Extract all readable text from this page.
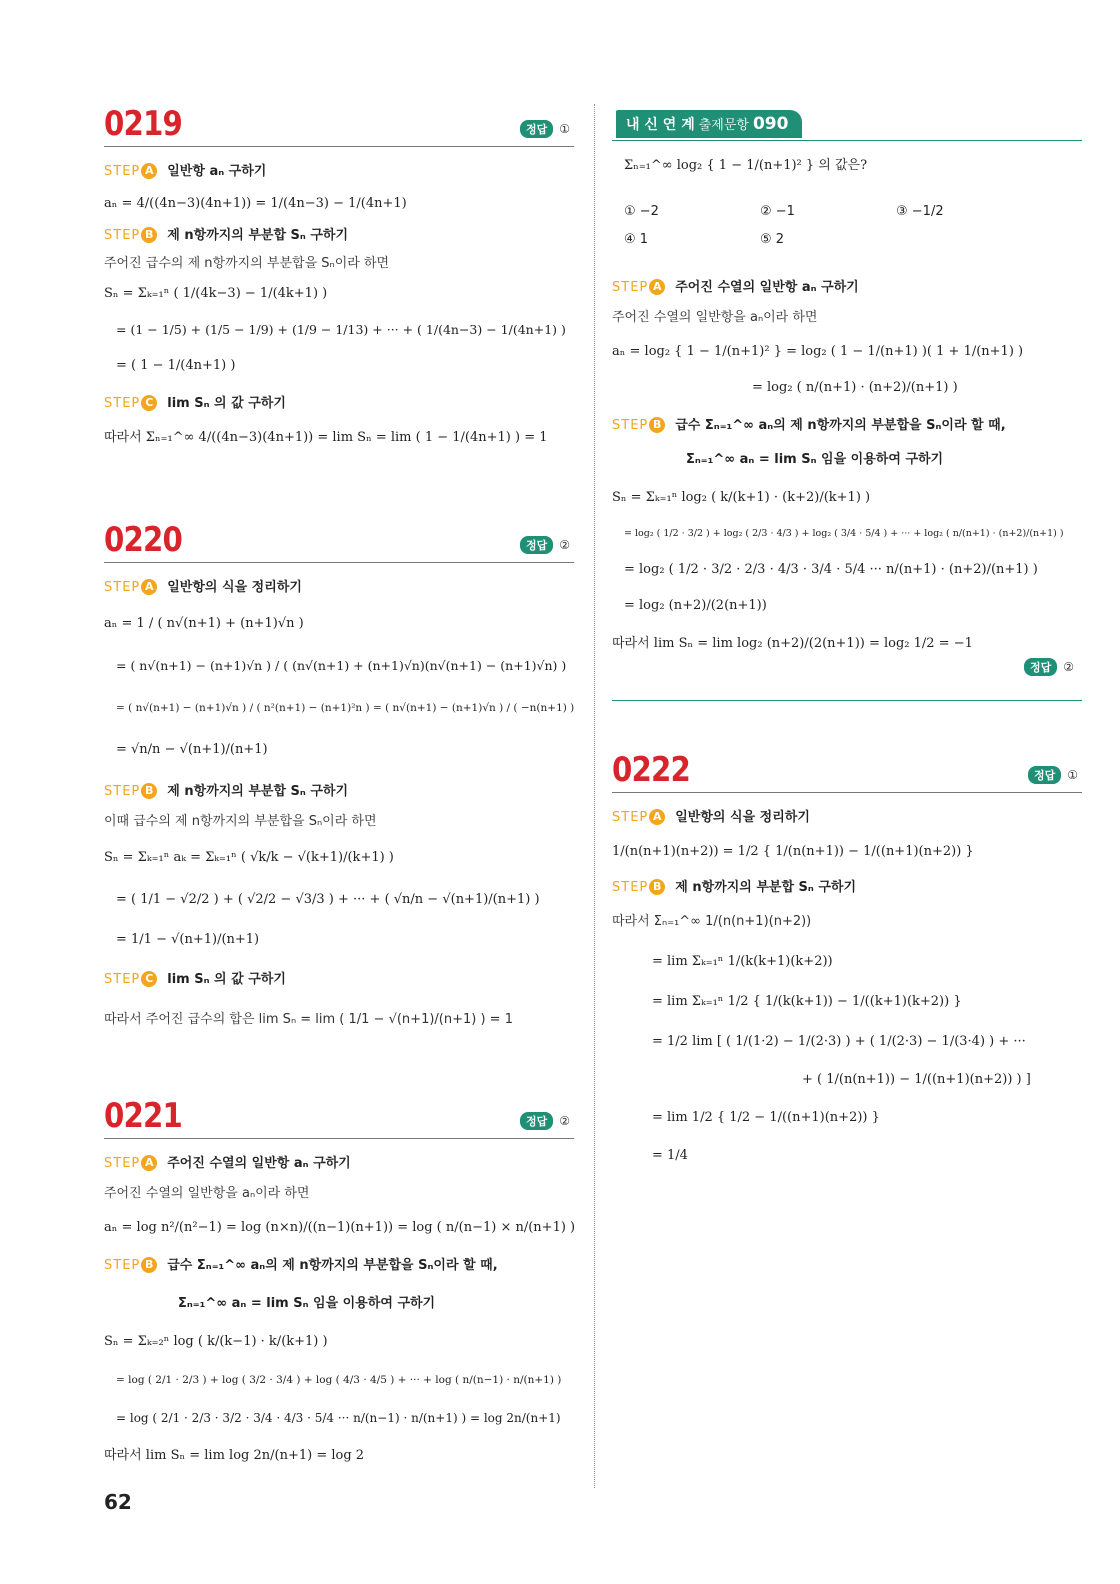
0219	정답 ①
STEP A 일반항 aₙ 구하기
aₙ = 4/((4n−3)(4n+1)) = 1/(4n−3) − 1/(4n+1)
STEP B 제 n항까지의 부분합 Sₙ 구하기
주어진 급수의 제 n항까지의 부분합을 Sₙ이라 하면
Sₙ = Σₖ₌₁ⁿ ( 1/(4k−3) − 1/(4k+1) )
= (1 − 1/5) + (1/5 − 1/9) + (1/9 − 1/13) + ··· + ( 1/(4n−3) − 1/(4n+1) )
= ( 1 − 1/(4n+1) )
STEP C lim Sₙ 의 값 구하기
따라서 Σₙ₌₁^∞ 4/((4n−3)(4n+1)) = lim Sₙ = lim ( 1 − 1/(4n+1) ) = 1
0220	정답 ②
STEP A 일반항의 식을 정리하기
aₙ = 1 / ( n√(n+1) + (n+1)√n )
= ( n√(n+1) − (n+1)√n ) / ( (n√(n+1) + (n+1)√n)(n√(n+1) − (n+1)√n) )
= ( n√(n+1) − (n+1)√n ) / ( n²(n+1) − (n+1)²n ) = ( n√(n+1) − (n+1)√n ) / ( −n(n+1) )
= √n/n − √(n+1)/(n+1)
STEP B 제 n항까지의 부분합 Sₙ 구하기
이때 급수의 제 n항까지의 부분합을 Sₙ이라 하면
Sₙ = Σₖ₌₁ⁿ aₖ = Σₖ₌₁ⁿ ( √k/k − √(k+1)/(k+1) )
= ( 1/1 − √2/2 ) + ( √2/2 − √3/3 ) + ··· + ( √n/n − √(n+1)/(n+1) )
= 1/1 − √(n+1)/(n+1)
STEP C lim Sₙ 의 값 구하기
따라서 주어진 급수의 합은 lim Sₙ = lim ( 1/1 − √(n+1)/(n+1) ) = 1
0221	정답 ②
STEP A 주어진 수열의 일반항 aₙ 구하기
주어진 수열의 일반항을 aₙ이라 하면
aₙ = log n²/(n²−1) = log (n×n)/((n−1)(n+1)) = log ( n/(n−1) × n/(n+1) )
STEP B 급수 Σₙ₌₁^∞ aₙ의 제 n항까지의 부분합을 Sₙ이라 할 때,
Σₙ₌₁^∞ aₙ = lim Sₙ 임을 이용하여 구하기
Sₙ = Σₖ₌₂ⁿ log ( k/(k−1) · k/(k+1) )
= log ( 2/1 · 2/3 ) + log ( 3/2 · 3/4 ) + log ( 4/3 · 4/5 ) + ··· + log ( n/(n−1) · n/(n+1) )
= log ( 2/1 · 2/3 · 3/2 · 3/4 · 4/3 · 5/4 ··· n/(n−1) · n/(n+1) ) = log 2n/(n+1)
따라서 lim Sₙ = lim log 2n/(n+1) = log 2
내 신 연 계 출제문항 090
Σₙ₌₁^∞ log₂ { 1 − 1/(n+1)² } 의 값은?
① −2	② −1	③ −1/2
④ 1	⑤ 2
STEP A 주어진 수열의 일반항 aₙ 구하기
주어진 수열의 일반항을 aₙ이라 하면
aₙ = log₂ { 1 − 1/(n+1)² } = log₂ ( 1 − 1/(n+1) )( 1 + 1/(n+1) )
= log₂ ( n/(n+1) · (n+2)/(n+1) )
STEP B 급수 Σₙ₌₁^∞ aₙ의 제 n항까지의 부분합을 Sₙ이라 할 때,
Σₙ₌₁^∞ aₙ = lim Sₙ 임을 이용하여 구하기
Sₙ = Σₖ₌₁ⁿ log₂ ( k/(k+1) · (k+2)/(k+1) )
= log₂ ( 1/2 · 3/2 ) + log₂ ( 2/3 · 4/3 ) + log₂ ( 3/4 · 5/4 ) + ··· + log₂ ( n/(n+1) · (n+2)/(n+1) )
= log₂ ( 1/2 · 3/2 · 2/3 · 4/3 · 3/4 · 5/4 ··· n/(n+1) · (n+2)/(n+1) )
= log₂ (n+2)/(2(n+1))
따라서 lim Sₙ = lim log₂ (n+2)/(2(n+1)) = log₂ 1/2 = −1
정답 ②
0222	정답 ①
STEP A 일반항의 식을 정리하기
1/(n(n+1)(n+2)) = 1/2 { 1/(n(n+1)) − 1/((n+1)(n+2)) }
STEP B 제 n항까지의 부분합 Sₙ 구하기
따라서 Σₙ₌₁^∞ 1/(n(n+1)(n+2))
= lim Σₖ₌₁ⁿ 1/(k(k+1)(k+2))
= lim Σₖ₌₁ⁿ 1/2 { 1/(k(k+1)) − 1/((k+1)(k+2)) }
= 1/2 lim [ ( 1/(1·2) − 1/(2·3) ) + ( 1/(2·3) − 1/(3·4) ) + ···
+ ( 1/(n(n+1)) − 1/((n+1)(n+2)) ) ]
= lim 1/2 { 1/2 − 1/((n+1)(n+2)) }
= 1/4
62
